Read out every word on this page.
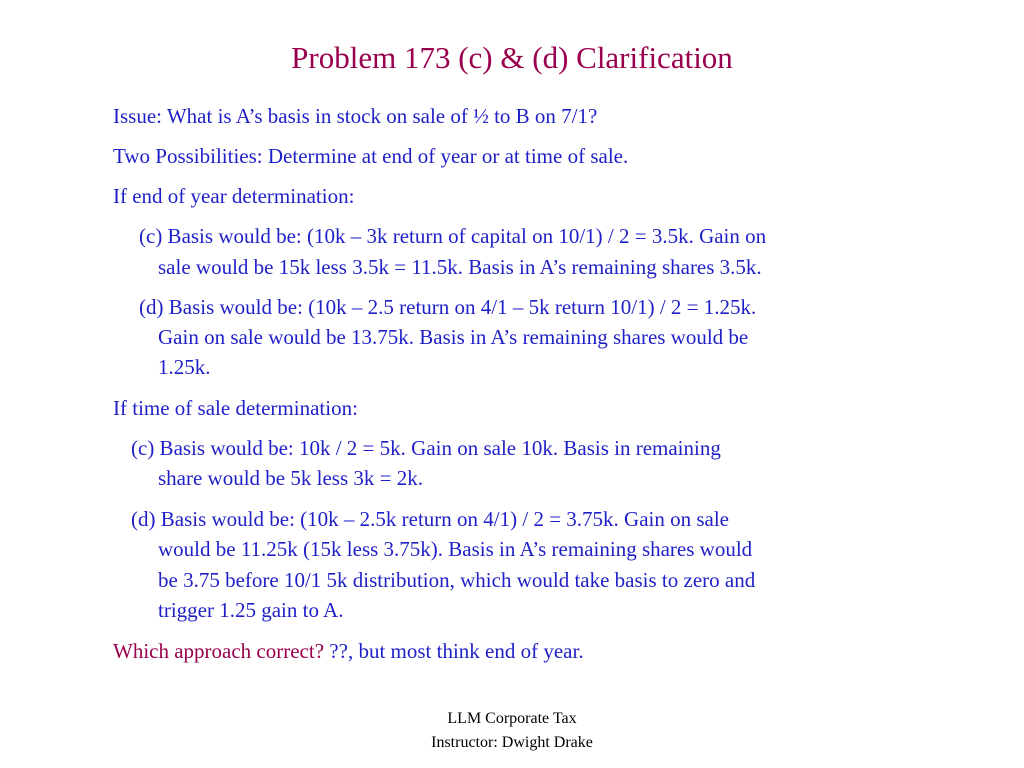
Problem 173 (c) & (d) Clarification

Issue: What is A’s basis in stock on sale of ½ to B on 7/1?

Two Possibilities: Determine at end of year or at time of sale.

If end of year determination:

(c) Basis would be: (10k – 3k return of capital on 10/1) / 2 = 3.5k. Gain on

sale would be 15k less 3.5k = 11.5k. Basis in A’s remaining shares 3.5k.

(d) Basis would be: (10k – 2.5 return on 4/1 – 5k return 10/1) / 2 = 1.25k.

Gain on sale would be 13.75k. Basis in A’s remaining shares would be

1.25k.

If time of sale determination:

(c) Basis would be: 10k / 2 = 5k. Gain on sale 10k. Basis in remaining

share would be 5k less 3k = 2k.

(d) Basis would be: (10k – 2.5k return on 4/1) / 2 = 3.75k. Gain on sale

would be 11.25k (15k less 3.75k). Basis in A’s remaining shares would

be 3.75 before 10/1 5k distribution, which would take basis to zero and

trigger 1.25 gain to A.

Which approach correct? ??, but most think end of year.

LLM Corporate Tax
Instructor: Dwight Drake
